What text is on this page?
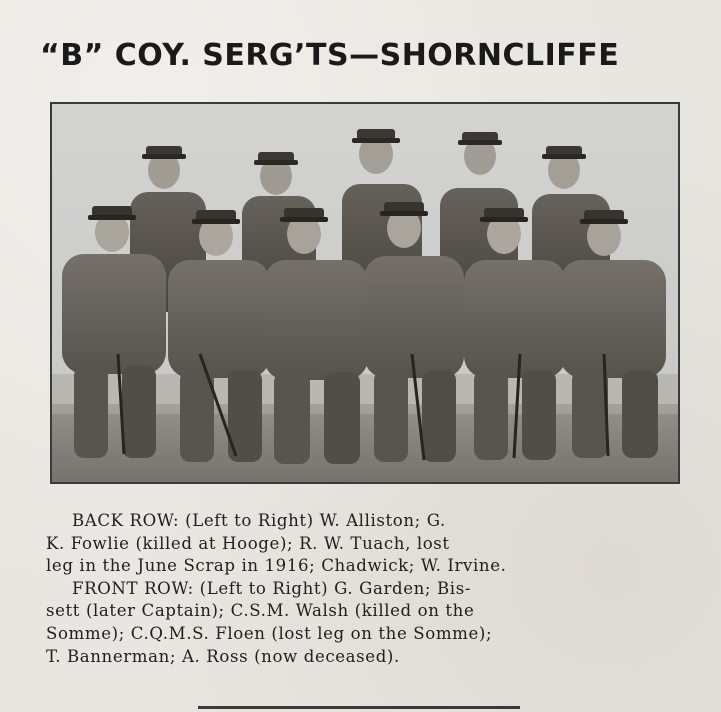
“B” COY. SERG’TS—SHORNCLIFFE

BACK ROW: (Left to Right) W. Alliston; G.
K. Fowlie (killed at Hooge); R. W. Tuach, lost
leg in the June Scrap in 1916; Chadwick; W. Irvine.
FRONT ROW: (Left to Right) G. Garden; Bis-
sett (later Captain); C.S.M. Walsh (killed on the
Somme); C.Q.M.S. Floen (lost leg on the Somme);
T. Bannerman; A. Ross (now deceased).
